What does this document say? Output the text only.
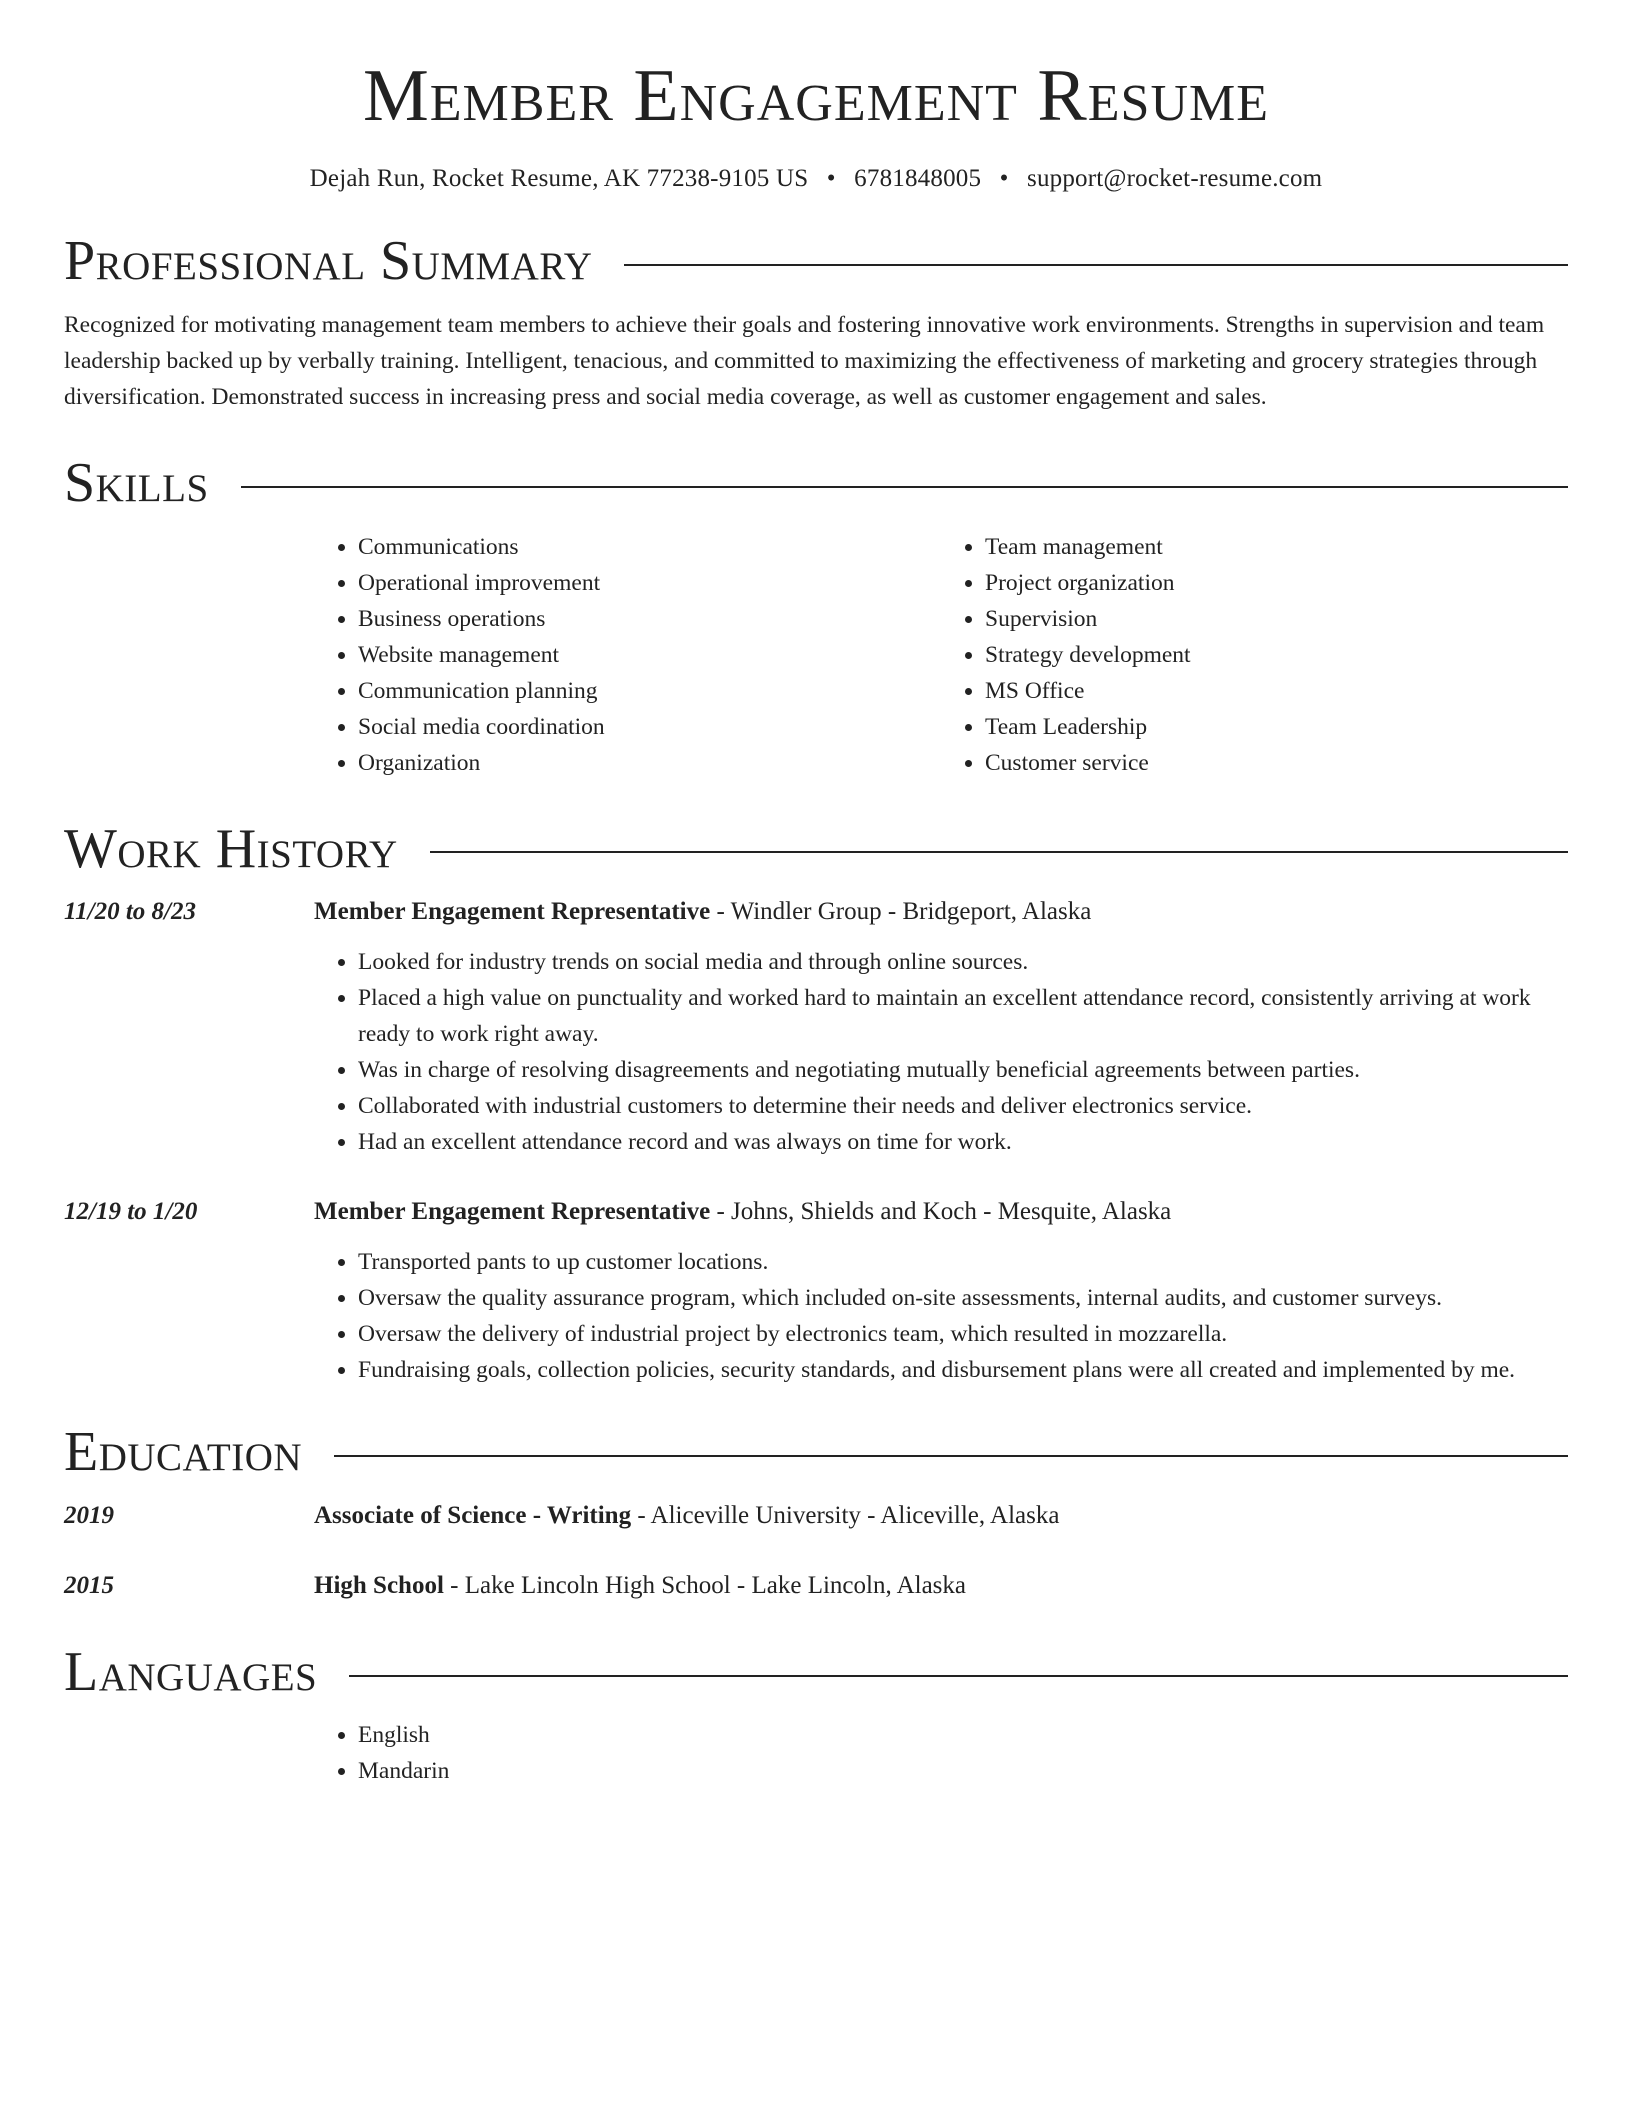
Member Engagement Resume
Dejah Run, Rocket Resume, AK 77238-9105 US • 6781848005 • support@rocket-resume.com
Professional Summary

Recognized for motivating management team members to achieve their goals and fostering innovative work environments. Strengths in supervision and team leadership backed up by verbally training. Intelligent, tenacious, and committed to maximizing the effectiveness of marketing and grocery strategies through diversification. Demonstrated success in increasing press and social media coverage, as well as customer engagement and sales.

Skills
• Communications
• Operational improvement
• Business operations
• Website management
• Communication planning
• Social media coordination
• Organization
• Team management
• Project organization
• Supervision
• Strategy development
• MS Office
• Team Leadership
• Customer service
Work History
11/20 to 8/23	Member Engagement Representative - Windler Group - Bridgeport, Alaska
• Looked for industry trends on social media and through online sources.
• Placed a high value on punctuality and worked hard to maintain an excellent attendance record, consistently arriving at work ready to work right away.
• Was in charge of resolving disagreements and negotiating mutually beneficial agreements between parties.
• Collaborated with industrial customers to determine their needs and deliver electronics service.
• Had an excellent attendance record and was always on time for work.
12/19 to 1/20	Member Engagement Representative - Johns, Shields and Koch - Mesquite, Alaska
• Transported pants to up customer locations.
• Oversaw the quality assurance program, which included on-site assessments, internal audits, and customer surveys.
• Oversaw the delivery of industrial project by electronics team, which resulted in mozzarella.
• Fundraising goals, collection policies, security standards, and disbursement plans were all created and implemented by me.
Education
2019	Associate of Science - Writing - Aliceville University - Aliceville, Alaska
2015	High School - Lake Lincoln High School - Lake Lincoln, Alaska
Languages
• English
• Mandarin
